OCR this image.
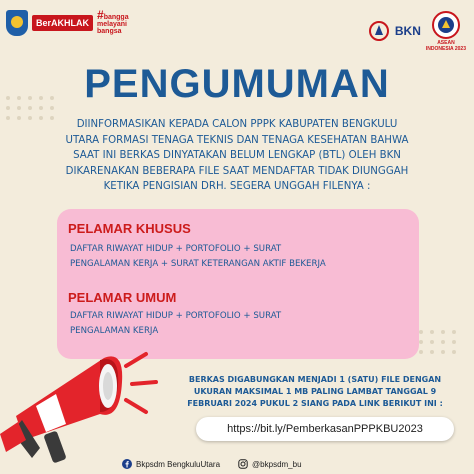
BerAKHLAK
#bangga
melayani
bangsa	BKN
ASEAN
INDONESIA 2023
PENGUMUMAN
DIINFORMASIKAN KEPADA CALON PPPK KABUPATEN BENGKULU
UTARA FORMASI TENAGA TEKNIS DAN TENAGA KESEHATAN BAHWA
SAAT INI BERKAS DINYATAKAN BELUM LENGKAP (BTL) OLEH BKN
DIKARENAKAN BEBERAPA FILE SAAT MENDAFTAR TIDAK DIUNGGAH
KETIKA PENGISIAN DRH. SEGERA UNGGAH FILENYA :
PELAMAR KHUSUS
DAFTAR RIWAYAT HIDUP + PORTOFOLIO + SURAT
PENGALAMAN KERJA + SURAT KETERANGAN AKTIF BEKERJA
PELAMAR UMUM
DAFTAR RIWAYAT HIDUP + PORTOFOLIO + SURAT
PENGALAMAN KERJA
BERKAS DIGABUNGKAN MENJADI 1 (SATU) FILE DENGAN
UKURAN MAKSIMAL 1 MB PALING LAMBAT TANGGAL 9
FEBRUARI 2024 PUKUL 2 SIANG PADA LINK BERIKUT INI :
https://bit.ly/PemberkasanPPPKBU2023
Bkpsdm BengkuluUtara	@bkpsdm_bu
